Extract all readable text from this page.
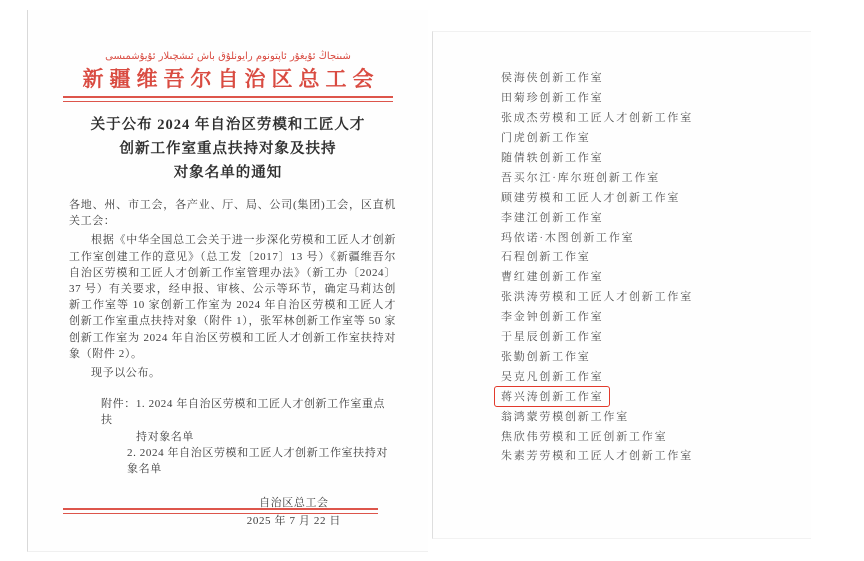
شىنجاڭ ئۇيغۇر ئاپتونوم رايونلۇق باش ئىشچىلار ئۇيۇشمىسى
新疆维吾尔自治区总工会
关于公布 2024 年自治区劳模和工匠人才
创新工作室重点扶持对象及扶持
对象名单的通知

各地、州、市工会，各产业、厅、局、公司(集团)工会，区直机关工会：

根据《中华全国总工会关于进一步深化劳模和工匠人才创新工作室创建工作的意见》（总工发〔2017〕13 号）《新疆维吾尔自治区劳模和工匠人才创新工作室管理办法》（新工办〔2024〕37 号）有关要求，经申报、审核、公示等环节，确定马莉达创新工作室等 10 家创新工作室为 2024 年自治区劳模和工匠人才创新工作室重点扶持对象（附件 1），张军林创新工作室等 50 家创新工作室为 2024 年自治区劳模和工匠人才创新工作室扶持对象（附件 2）。

现予以公布。

附件：1. 2024 年自治区劳模和工匠人才创新工作室重点扶
持对象名单
2. 2024 年自治区劳模和工匠人才创新工作室扶持对象名单
自治区总工会
2025 年 7 月 22 日
侯海侠创新工作室
田菊珍创新工作室
张成杰劳模和工匠人才创新工作室
门虎创新工作室
随倩轶创新工作室
吾买尔江·库尔班创新工作室
顾建劳模和工匠人才创新工作室
李建江创新工作室
玛依诺·木图创新工作室
石程创新工作室
曹红建创新工作室
张洪涛劳模和工匠人才创新工作室
李金钟创新工作室
于星辰创新工作室
张勤创新工作室
吴克凡创新工作室
蒋兴涛创新工作室
翁鸿蒙劳模创新工作室
焦欣伟劳模和工匠创新工作室
朱素芳劳模和工匠人才创新工作室
